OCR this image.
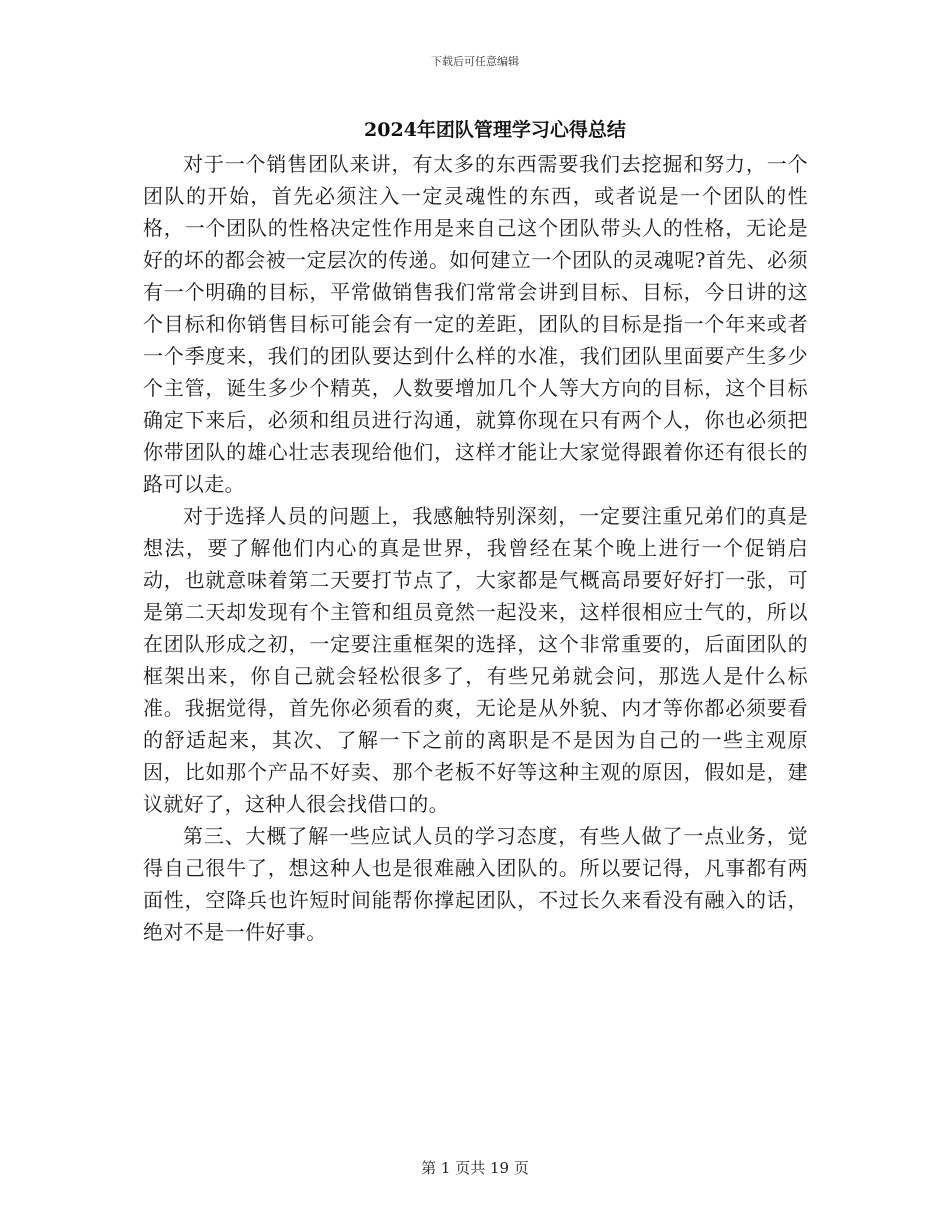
下载后可任意编辑
2024年团队管理学习心得总结

对于一个销售团队来讲，有太多的东西需要我们去挖掘和努力，一个团队的开始，首先必须注入一定灵魂性的东西，或者说是一个团队的性格，一个团队的性格决定性作用是来自己这个团队带头人的性格，无论是好的坏的都会被一定层次的传递。如何建立一个团队的灵魂呢?首先、必须有一个明确的目标，平常做销售我们常常会讲到目标、目标，今日讲的这个目标和你销售目标可能会有一定的差距，团队的目标是指一个年来或者一个季度来，我们的团队要达到什么样的水准，我们团队里面要产生多少个主管，诞生多少个精英，人数要增加几个人等大方向的目标，这个目标确定下来后，必须和组员进行沟通，就算你现在只有两个人，你也必须把你带团队的雄心壮志表现给他们，这样才能让大家觉得跟着你还有很长的路可以走。

对于选择人员的问题上，我感触特别深刻，一定要注重兄弟们的真是想法，要了解他们内心的真是世界，我曾经在某个晚上进行一个促销启动，也就意味着第二天要打节点了，大家都是气概高昂要好好打一张，可是第二天却发现有个主管和组员竟然一起没来，这样很相应士气的，所以在团队形成之初，一定要注重框架的选择，这个非常重要的，后面团队的框架出来，你自己就会轻松很多了，有些兄弟就会问，那选人是什么标准。我据觉得，首先你必须看的爽，无论是从外貌、内才等你都必须要看的舒适起来，其次、了解一下之前的离职是不是因为自己的一些主观原因，比如那个产品不好卖、那个老板不好等这种主观的原因，假如是，建议就好了，这种人很会找借口的。

第三、大概了解一些应试人员的学习态度，有些人做了一点业务，觉得自己很牛了，想这种人也是很难融入团队的。所以要记得，凡事都有两面性，空降兵也许短时间能帮你撑起团队，不过长久来看没有融入的话，绝对不是一件好事。

第 1 页共 19 页
